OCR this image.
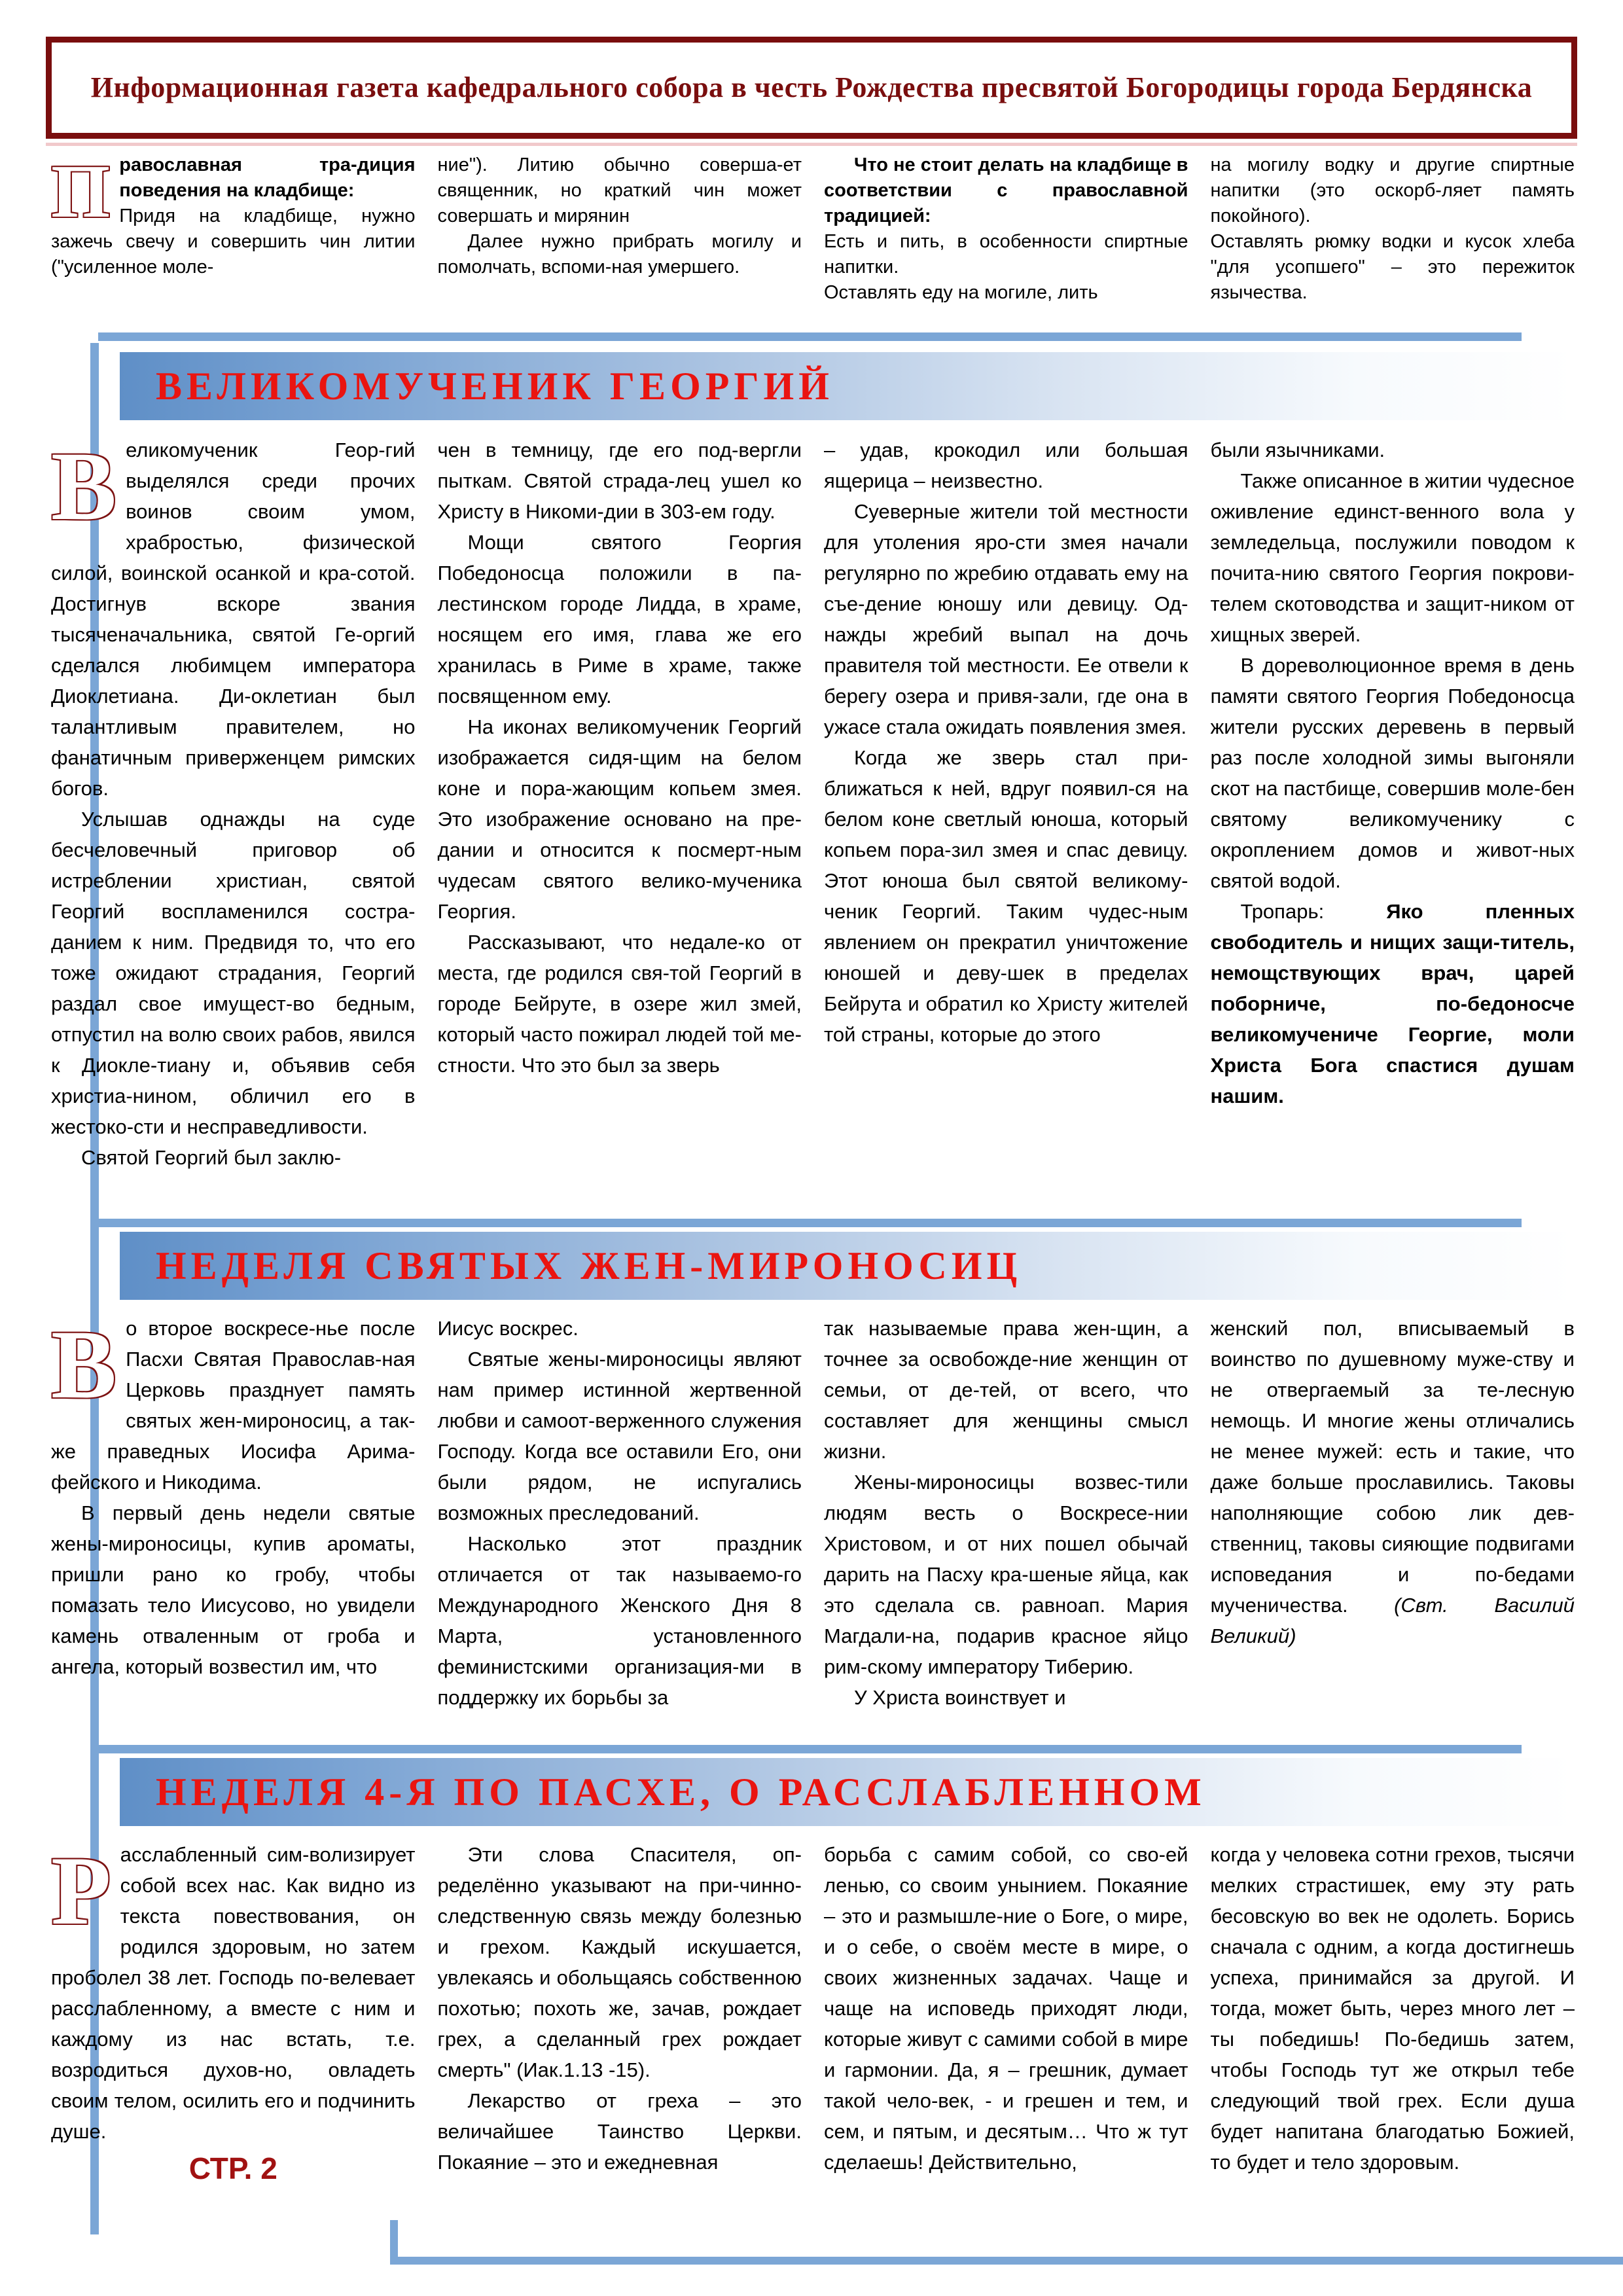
Информационная газета кафедрального собора в честь Рождества пресвятой Богородицы города Бердянска

Православная тра-диция поведения на кладбище:

Придя на кладбище, нужно зажечь свечу и совершить чин литии ("усиленное моле-

ние"). Литию обычно соверша-ет священник, но краткий чин может совершать и мирянин

Далее нужно прибрать могилу и помолчать, вспоми-ная умершего.

Что не стоит делать на кладбище в соответствии с православной традицией:

Есть и пить, в особенности спиртные напитки.

Оставлять еду на могиле, лить

на могилу водку и другие спиртные напитки (это оскорб-ляет память покойного).

Оставлять рюмку водки и кусок хлеба "для усопшего" – это пережиток язычества.

ВЕЛИКОМУЧЕНИК ГЕОРГИЙ

Великомученик Геор-гий выделялся среди прочих воинов своим умом, храбростью, физической силой, воинской осанкой и кра-сотой. Достигнув вскоре звания тысяченачальника, святой Ге-оргий сделался любимцем императора Диоклетиана. Ди-оклетиан был талантливым правителем, но фанатичным приверженцем римских богов.

Услышав однажды на суде бесчеловечный приговор об истреблении христиан, святой Георгий воспламенился состра-данием к ним. Предвидя то, что его тоже ожидают страдания, Георгий раздал свое имущест-во бедным, отпустил на волю своих рабов, явился к Диокле-тиану и, объявив себя христиа-нином, обличил его в жестоко-сти и несправедливости.

Святой Георгий был заклю-

чен в темницу, где его под-вергли пыткам. Святой страда-лец ушел ко Христу в Никоми-дии в 303-ем году.

Мощи святого Георгия Победоносца положили в па-лестинском городе Лидда, в храме, носящем его имя, глава же его хранилась в Риме в храме, также посвященном ему.

На иконах великомученик Георгий изображается сидя-щим на белом коне и пора-жающим копьем змея. Это изображение основано на пре-дании и относится к посмерт-ным чудесам святого велико-мученика Георгия.

Рассказывают, что недале-ко от места, где родился свя-той Георгий в городе Бейруте, в озере жил змей, который часто пожирал людей той ме-стности. Что это был за зверь

– удав, крокодил или большая ящерица – неизвестно.

Суеверные жители той местности для утоления яро-сти змея начали регулярно по жребию отдавать ему на съе-дение юношу или девицу. Од-нажды жребий выпал на дочь правителя той местности. Ее отвели к берегу озера и привя-зали, где она в ужасе стала ожидать появления змея.

Когда же зверь стал при-ближаться к ней, вдруг появил-ся на белом коне светлый юноша, который копьем пора-зил змея и спас девицу. Этот юноша был святой великому-ченик Георгий. Таким чудес-ным явлением он прекратил уничтожение юношей и деву-шек в пределах Бейрута и обратил ко Христу жителей той страны, которые до этого

были язычниками.

Также описанное в житии чудесное оживление единст-венного вола у земледельца, послужили поводом к почита-нию святого Георгия покрови-телем скотоводства и защит-ником от хищных зверей.

В дореволюционное время в день памяти святого Георгия Победоносца жители русских деревень в первый раз после холодной зимы выгоняли скот на пастбище, совершив моле-бен святому великомученику с окроплением домов и живот-ных святой водой.

Тропарь: Яко пленных свободитель и нищих защи-титель, немощствующих врач, царей поборниче, по-бедоносче великомучениче Георгие, моли Христа Бога спастися душам нашим.

НЕДЕЛЯ СВЯТЫХ ЖЕН-МИРОНОСИЦ

Во второе воскресе-нье после Пасхи Святая Православ-ная Церковь празднует память святых жен-мироносиц, а так-же праведных Иосифа Арима-фейского и Никодима.

В первый день недели святые жены-мироносицы, купив ароматы, пришли рано ко гробу, чтобы помазать тело Иисусово, но увидели камень отваленным от гроба и ангела, который возвестил им, что

Иисус воскрес.

Святые жены-мироносицы являют нам пример истинной жертвенной любви и самоот-верженного служения Господу. Когда все оставили Его, они были рядом, не испугались возможных преследований.

Насколько этот праздник отличается от так называемо-го Международного Женского Дня 8 Марта, установленного феминистскими организация-ми в поддержку их борьбы за

так называемые права жен-щин, а точнее за освобожде-ние женщин от семьи, от де-тей, от всего, что составляет для женщины смысл жизни.

Жены-мироносицы возвес-тили людям весть о Воскресе-нии Христовом, и от них пошел обычай дарить на Пасху кра-шеные яйца, как это сделала св. равноап. Мария Магдали-на, подарив красное яйцо рим-скому императору Тиберию.

У Христа воинствует и

женский пол, вписываемый в воинство по душевному муже-ству и не отвергаемый за те-лесную немощь. И многие жены отличались не менее мужей: есть и такие, что даже больше прославились. Таковы наполняющие собою лик дев-ственниц, таковы сияющие подвигами исповедания и по-бедами мученичества. (Свт. Василий Великий)

НЕДЕЛЯ 4-Я ПО ПАСХЕ, О РАССЛАБЛЕННОМ

Расслабленный сим-волизирует собой всех нас. Как видно из текста повествования, он родился здоровым, но затем проболел 38 лет. Господь по-велевает расслабленному, а вместе с ним и каждому из нас встать, т.е. возродиться духов-но, овладеть своим телом, осилить его и подчинить душе.

СТР. 2

Эти слова Спасителя, оп-ределённо указывают на при-чинно-следственную связь между болезнью и грехом. Каждый искушается, увлекаясь и обольщаясь собственною похотью; похоть же, зачав, рождает грех, а сделанный грех рождает смерть" (Иак.1.13 -15).

Лекарство от греха – это величайшее Таинство Церкви. Покаяние – это и ежедневная

борьба с самим собой, со сво-ей ленью, со своим унынием. Покаяние – это и размышле-ние о Боге, о мире, и о себе, о своём месте в мире, о своих жизненных задачах. Чаще и чаще на исповедь приходят люди, которые живут с самими собой в мире и гармонии. Да, я – грешник, думает такой чело-век, - и грешен и тем, и сем, и пятым, и десятым… Что ж тут сделаешь! Действительно,

когда у человека сотни грехов, тысячи мелких страстишек, ему эту рать бесовскую во век не одолеть. Борись сначала с одним, а когда достигнешь успеха, принимайся за другой. И тогда, может быть, через много лет – ты победишь! По-бедишь затем, чтобы Господь тут же открыл тебе следующий твой грех. Если душа будет напитана благодатью Божией, то будет и тело здоровым.
